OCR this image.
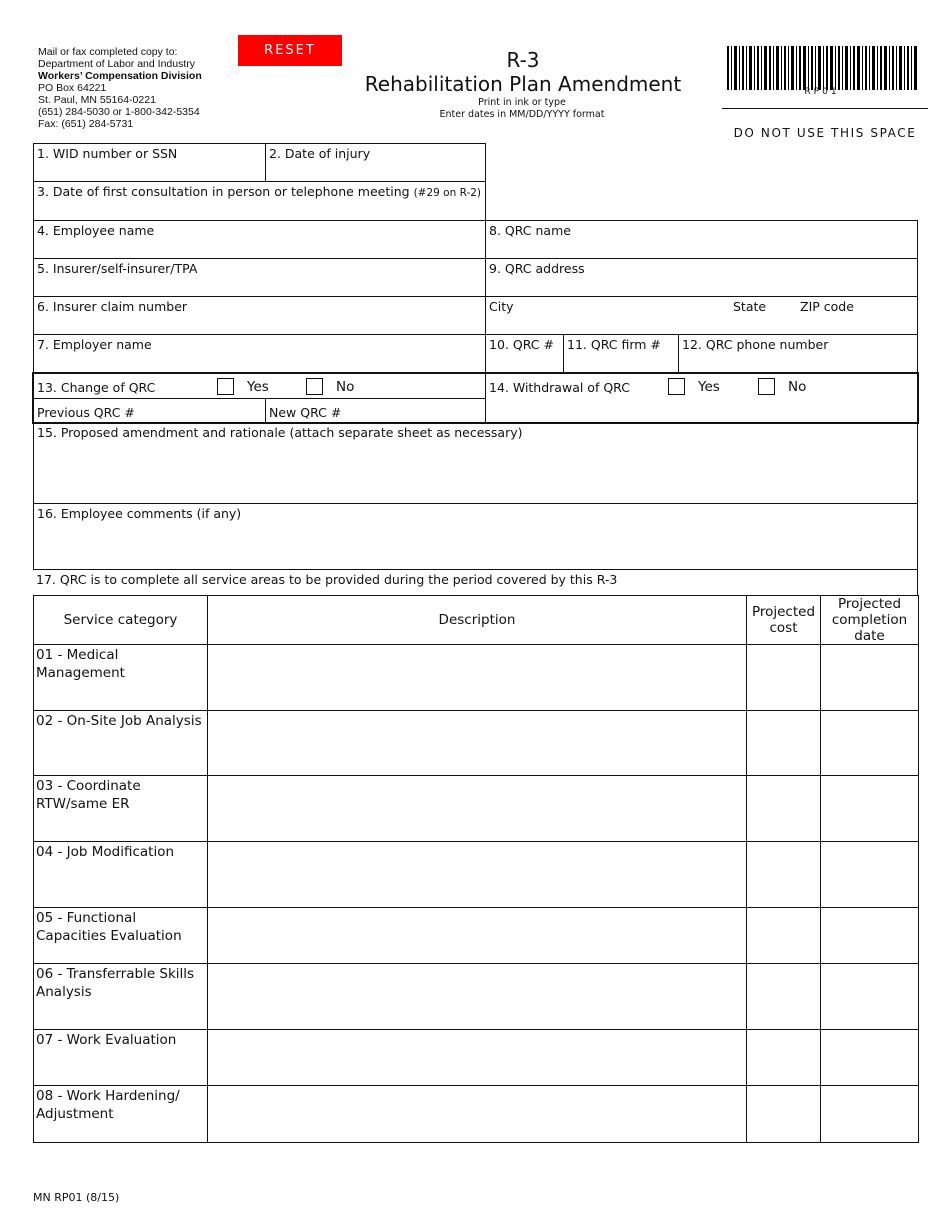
Mail or fax completed copy to:
Department of Labor and Industry
Workers’ Compensation Division
PO Box 64221
St. Paul, MN 55164-0221
(651) 284-5030 or 1-800-342-5354
Fax: (651) 284-5731
RESET	R-3
Rehabilitation Plan Amendment
Print in ink or type
Enter dates in MM/DD/YYYY format
RP01
DO NOT USE THIS SPACE
1. WID number or SSN	2. Date of injury
3. Date of first consultation in person or telephone meeting (#29 on R-2)
4. Employee name
5. Insurer/self-insurer/TPA
6. Insurer claim number
7. Employer name
8. QRC name
9. QRC address
City	State	ZIP code
10. QRC #	11. QRC firm #	12. QRC phone number
13. Change of QRC	Yes	No
Previous QRC #	New QRC #
14. Withdrawal of QRC	Yes	No
15. Proposed amendment and rationale (attach separate sheet as necessary)
16. Employee comments (if any)
17. QRC is to complete all service areas to be provided during the period covered by this R-3
Service category	Description	Projected cost	Projected completion date
01 - Medical Management			
02 - On-Site Job Analysis			
03 - Coordinate RTW/same ER			
04 - Job Modification			
05 - Functional Capacities Evaluation			
06 - Transferrable Skills Analysis			
07 - Work Evaluation			
08 - Work Hardening/ Adjustment			
MN RP01 (8/15)
